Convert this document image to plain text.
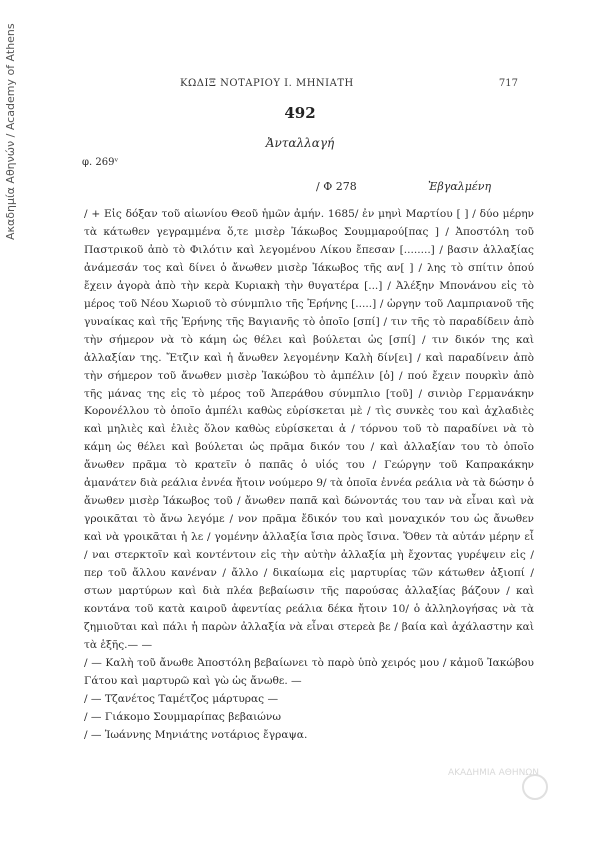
Ακαδημία Αθηνών / Academy of Athens	ΚΩΔΙΞ ΝΟΤΑΡΙΟΥ Ι. ΜΗΝΙΑΤΗ	717
492
Ἀνταλλαγή
φ. 269ᵛ
/ Φ 278	Ἐβγαλμένη

/ + Εἰς δόξαν τοῦ αἰωνίου Θεοῦ ἡμῶν ἀμήν. 1685/ ἐν μηνὶ Μαρτίου [ ] / δύο μέρην τὰ κάτωθεν γεγραμμένα ὅ,τε μισὲρ Ἰάκωβος Σουμμαρού[πας ] / Ἀποστόλη τοῦ Παστρικοῦ ἀπὸ τὸ Φιλότιν καὶ λεγομένου Λίκου ἔπεσαν [........] / βασιν ἀλλαξίας ἀνάμεσάν τος καὶ δίνει ὁ ἄνωθεν μισὲρ Ἰάκωβος τῆς αν[ ] / λης τὸ σπίτιν ὁπού ἔχειν ἀγορὰ ἀπὸ τὴν κερὰ Κυριακὴ τὴν θυγατέρα [...] / Ἀλέξην Μπονάνου εἰς τὸ μέρος τοῦ Νέου Χωριοῦ τὸ σύνμπλιο τῆς Ἐρήνης [.....] / ὡργην τοῦ Λαμπριανοῦ τῆς γυναίκας καὶ τῆς Ἐρήνης τῆς Βαγιανῆς τὸ ὁποῖο [σπί] / τιν τῆς τὸ παραδίδειν ἀπὸ τὴν σήμερον νὰ τὸ κάμη ὡς θέλει καὶ βούλεται ὡς [σπί] / τιν δικόν της καὶ ἀλλαξίαν της. Ἔτζιν καὶ ἡ ἄνωθεν λεγομένην Καλὴ δίν[ει] / καὶ παραδίνειν ἀπὸ τὴν σήμερον τοῦ ἄνωθεν μισὲρ Ἰακώβου τὸ ἀμπέλιν [ὁ] / πού ἔχειν πουρκὶν ἀπὸ τῆς μάνας της εἰς τὸ μέρος τοῦ Ἀπεράθου σύνμπλιο [τοῦ] / σινιὸρ Γερμανάκην Κορονέλλου τὸ ὁποῖο ἀμπέλι καθὼς εὑρίσκεται μὲ / τὶς συνκὲς του καὶ ἀχλαδιὲς καὶ μηλιὲς καὶ ἐλιὲς ὅλον καθὼς εὑρίσκεται ἀ / τόρνου τοῦ τὸ παραδίνει νὰ τὸ κάμη ὡς θέλει καὶ βούλεται ὡς πρᾶμα δικόν του / καὶ ἀλλαξίαν του τὸ ὁποῖο ἄνωθεν πρᾶμα τὸ κρατεῖν ὁ παπᾶς ὁ υἱός του / Γεώργην τοῦ Καπρακάκην ἀμανάτεν διὰ ρεάλια ἐννέα ἤτοιν νούμερο 9/ τὰ ὁποῖα ἐννέα ρεάλια νὰ τὰ δώσην ὁ ἄνωθεν μισὲρ Ἰάκωβος τοῦ / ἄνωθεν παπᾶ καὶ δώνοντάς του ταν νὰ εἶναι καὶ νὰ γροικᾶται τὸ ἄνω λεγόμε / νον πρᾶμα ἔδικόν του καὶ μοναχικόν του ὡς ἄνωθεν καὶ νὰ γροικᾶται ἡ λε / γομένην ἀλλαξία ἴσια πρὸς ἴσινα. Ὅθεν τὰ αὐτάν μέρην εἶ / ναι στερκτοῖν καὶ κοντέντοιν εἰς τὴν αὐτὴν ἀλλαξία μὴ ἔχοντας γυρέψειν εἰς / περ τοῦ ἄλλου κανέναν / ἄλλο / δικαίωμα εἰς μαρτυρίας τῶν κάτωθεν ἀξιοπί / στων μαρτύρων καὶ διὰ πλέα βεβαίωσιν τῆς παρούσας ἀλλαξίας βάζουν / καὶ κοντάνα τοῦ κατὰ καιροῦ ἀφεντίας ρεάλια δέκα ἤτοιν 10/ ὁ ἀλληλογήσας νὰ τὰ ζημιοῦται καὶ πάλι ἡ παρὼν ἀλλαξία νὰ εἶναι στερεὰ βε / βαία καὶ ἀχάλαστην καὶ τὰ ἑξῆς.— —

/ — Καλὴ τοῦ ἄνωθε Ἀποστόλη βεβαίωνει τὸ παρὸ ὑπὸ χειρός μου / κἀμοῦ Ἰακώβου Γάτου καὶ μαρτυρῶ καὶ γὼ ὡς ἄνωθε. —

/ — Τζανέτος Ταμέτζος μάρτυρας —

/ — Γιάκομο Σουμμαρίπας βεβαιώνω

/ — Ἰωάννης Μηνιάτης νοτάριος ἔγραψα.

ΑΚΑΔΗΜΙΑ ΑΘΗΝΩΝ
